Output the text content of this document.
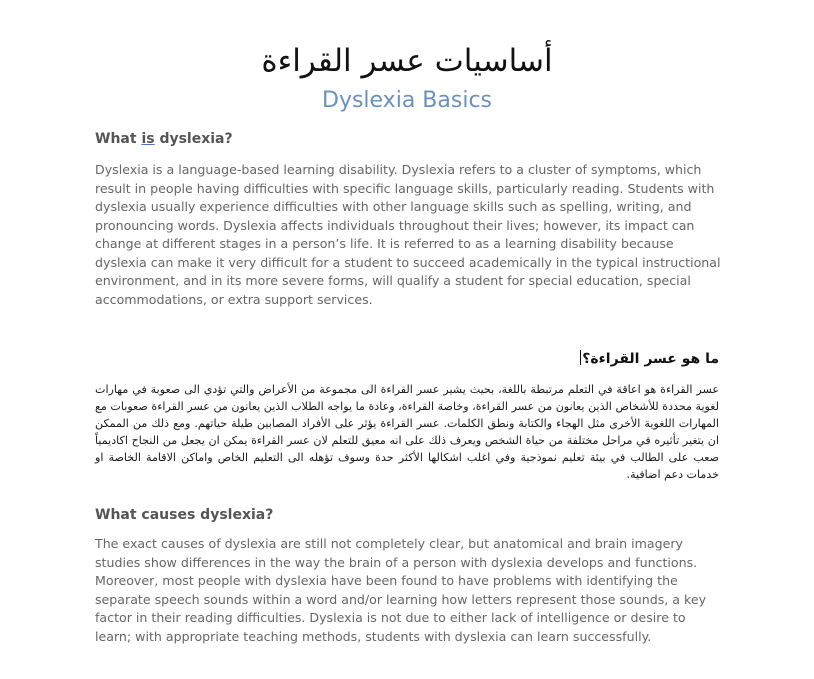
أساسيات عسر القراءة
Dyslexia Basics
What is dyslexia?
Dyslexia is a language-based learning disability. Dyslexia refers to a cluster of symptoms, which result in people having difficulties with specific language skills, particularly reading. Students with dyslexia usually experience difficulties with other language skills such as spelling, writing, and pronouncing words. Dyslexia affects individuals throughout their lives; however, its impact can change at different stages in a person’s life. It is referred to as a learning disability because dyslexia can make it very difficult for a student to succeed academically in the typical instructional environment, and in its more severe forms, will qualify a student for special education, special accommodations, or extra support services.
ما هو عسر القراءة؟
عسر القراءة هو اعاقة في التعلم مرتبطة باللغة، بحيث يشير عسر القراءة الى مجموعة من الأعراض والتي تؤدي الى صعوبة في مهارات لغوية محددة للأشخاص الذين يعانون من عسر القراءة، وخاصة القراءة، وعادة ما يواجه الطلاب الذين يعانون من عسر القراءة صعوبات مع المهارات اللغوية الأخرى مثل الهجاء والكتابة ونطق الكلمات. عسر القراءة يؤثر على الأفراد المصابين طيلة حياتهم. ومع ذلك من الممكن ان يتغير تأثيره في مراحل مختلفة من حياة الشخص ويعرف ذلك على انه معيق للتعلم لان عسر القراءة يمكن ان يجعل من النجاح اكاديمياً صعب على الطالب في بيئة تعليم نموذجية وفي اغلب اشكالها الأكثر حدة وسوف تؤهله الى التعليم الخاص واماكن الاقامة الخاصة او خدمات دعم اضافية.
What causes dyslexia?
The exact causes of dyslexia are still not completely clear, but anatomical and brain imagery studies show differences in the way the brain of a person with dyslexia develops and functions. Moreover, most people with dyslexia have been found to have problems with identifying the separate speech sounds within a word and/or learning how letters represent those sounds, a key factor in their reading difficulties. Dyslexia is not due to either lack of intelligence or desire to learn; with appropriate teaching methods, students with dyslexia can learn successfully.
